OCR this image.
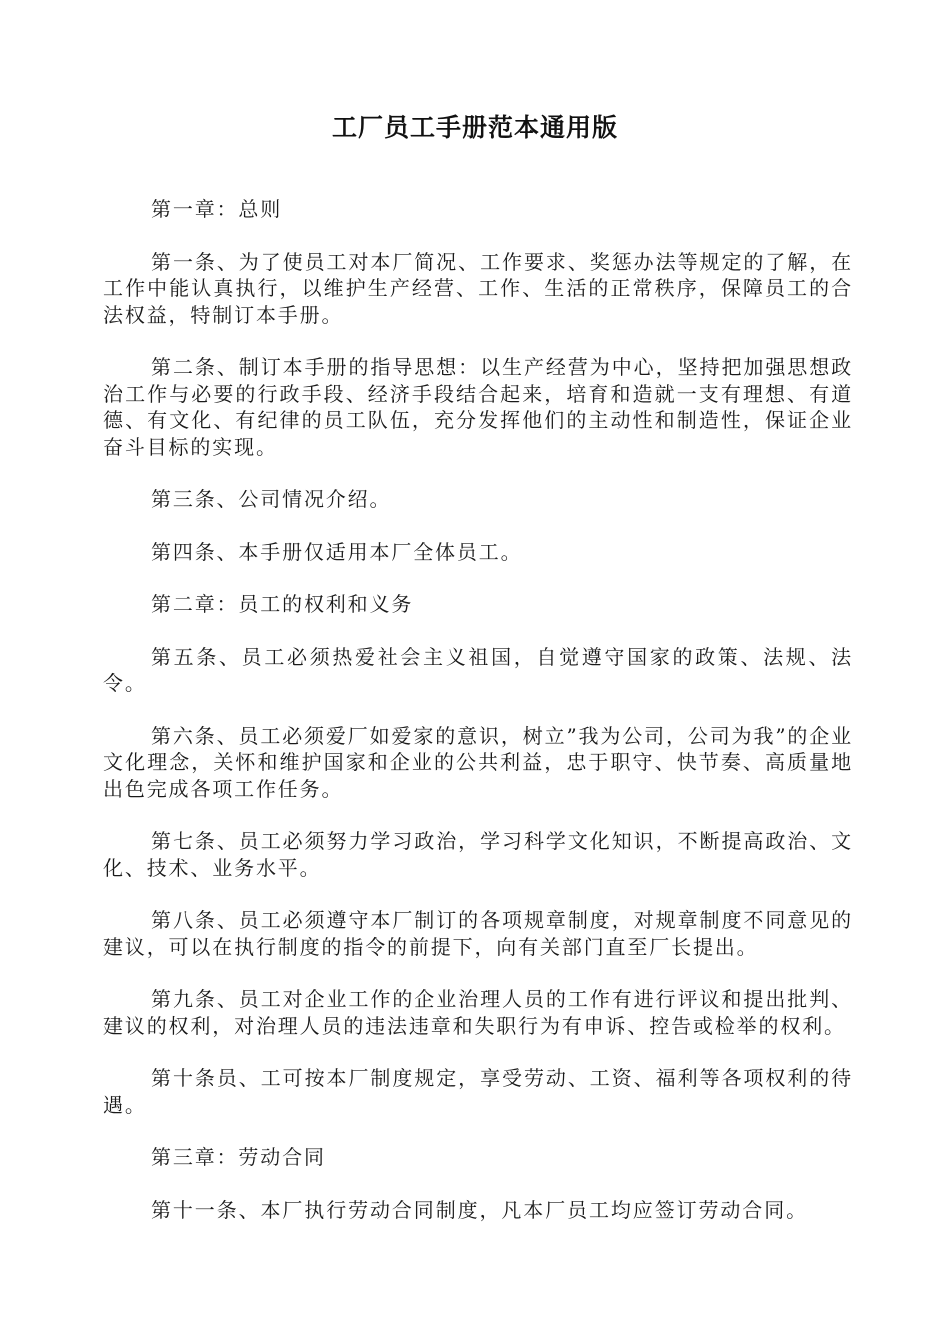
工厂员工手册范本通用版

第一章：总则

第一条、为了使员工对本厂简况、工作要求、奖惩办法等规定的了解，在工作中能认真执行，以维护生产经营、工作、生活的正常秩序，保障员工的合法权益，特制订本手册。

第二条、制订本手册的指导思想：以生产经营为中心，坚持把加强思想政治工作与必要的行政手段、经济手段结合起来，培育和造就一支有理想、有道德、有文化、有纪律的员工队伍，充分发挥他们的主动性和制造性，保证企业奋斗目标的实现。

第三条、公司情况介绍。

第四条、本手册仅适用本厂全体员工。

第二章：员工的权利和义务

第五条、员工必须热爱社会主义祖国，自觉遵守国家的政策、法规、法令。

第六条、员工必须爱厂如爱家的意识，树立”我为公司，公司为我”的企业文化理念，关怀和维护国家和企业的公共利益，忠于职守、快节奏、高质量地出色完成各项工作任务。

第七条、员工必须努力学习政治，学习科学文化知识，不断提高政治、文化、技术、业务水平。

第八条、员工必须遵守本厂制订的各项规章制度，对规章制度不同意见的建议，可以在执行制度的指令的前提下，向有关部门直至厂长提出。

第九条、员工对企业工作的企业治理人员的工作有进行评议和提出批判、建议的权利，对治理人员的违法违章和失职行为有申诉、控告或检举的权利。

第十条员、工可按本厂制度规定，享受劳动、工资、福利等各项权利的待遇。

第三章：劳动合同

第十一条、本厂执行劳动合同制度，凡本厂员工均应签订劳动合同。
